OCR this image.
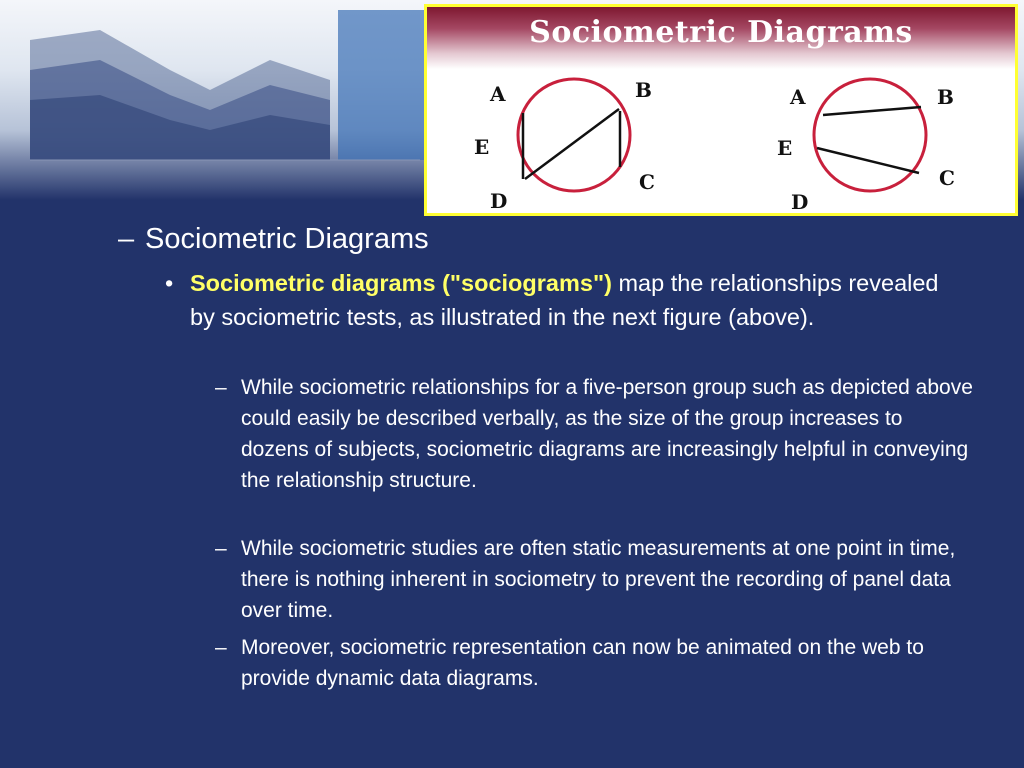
Sociometric Diagrams
A	B
E
C
D
A	B
E
C
D
– Sociometric Diagrams
• Sociometric diagrams ("sociograms") map the relationships revealed by sociometric tests, as illustrated in the next figure (above).
– While sociometric relationships for a five-person group such as depicted above could easily be described verbally, as the size of the group increases to dozens of subjects, sociometric diagrams are increasingly helpful in conveying the relationship structure.
– While sociometric studies are often static measurements at one point in time, there is nothing inherent in sociometry to prevent the recording of panel data over time.
– Moreover, sociometric representation can now be animated on the web to provide dynamic data diagrams.
